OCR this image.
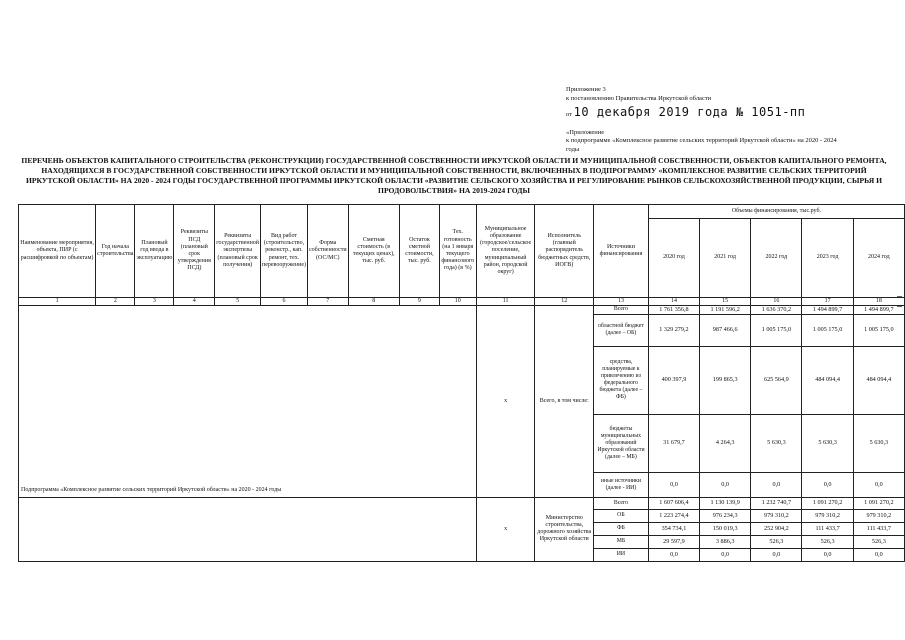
Приложение 3
к постановлению Правительства Иркутской области
от 10 декабря 2019 года № 1051-пп
«Приложение
к подпрограмме «Комплексное развитие сельских территорий Иркутской области» на 2020 - 2024
годы
ПЕРЕЧЕНЬ ОБЪЕКТОВ КАПИТАЛЬНОГО СТРОИТЕЛЬСТВА (РЕКОНСТРУКЦИИ) ГОСУДАРСТВЕННОЙ СОБСТВЕННОСТИ ИРКУТСКОЙ ОБЛАСТИ И МУНИЦИПАЛЬНОЙ СОБСТВЕННОСТИ, ОБЪЕКТОВ КАПИТАЛЬНОГО РЕМОНТА, НАХОДЯЩИХСЯ В ГОСУДАРСТВЕННОЙ СОБСТВЕННОСТИ ИРКУТСКОЙ ОБЛАСТИ И МУНИЦИПАЛЬНОЙ СОБСТВЕННОСТИ, ВКЛЮЧЕННЫХ В ПОДПРОГРАММУ «КОМПЛЕКСНОЕ РАЗВИТИЕ СЕЛЬСКИХ ТЕРРИТОРИЙ ИРКУТСКОЙ ОБЛАСТИ» НА 2020 - 2024 ГОДЫ ГОСУДАРСТВЕННОЙ ПРОГРАММЫ ИРКУТСКОЙ ОБЛАСТИ «РАЗВИТИЕ СЕЛЬСКОГО ХОЗЯЙСТВА И РЕГУЛИРОВАНИЕ РЫНКОВ СЕЛЬСКОХОЗЯЙСТВЕННОЙ ПРОДУКЦИИ, СЫРЬЯ И ПРОДОВОЛЬСТВИЯ» НА 2019-2024 ГОДЫ
Наименование мероприятия, объекта, ПИР (с расшифровкой по объектам)	Год начала строительства	Плановый год ввода в эксплуатацию	Реквизиты ПСД (плановый срок утверждения ПСД)	Реквизиты государственной экспертизы (плановый срок получения)	Вид работ (строительство, реконстр., кап. ремонт, тех. перевооружение)	Форма собственности (ОС/МС)	Сметная стоимость (в текущих ценах), тыс. руб.	Остаток сметной стоимости, тыс. руб.	Тех. готовность (на 1 января текущего финансового года) (в %)	Муниципальное образование (городское/сельское поселение, муниципальный район, городской округ)	Исполнитель (главный распорядитель бюджетных средств, ИОГВ)	Источники финансирования	Объемы финансирования, тыс.руб.				
													2020 год	2021 год	2022 год	2023 год	2024 год
1	2	3	4	5	6	7	8	9	10	11	12	13	14	15	16	17	18
Подпрограмма «Комплексное развитие сельских территорий Иркутской области» на 2020 - 2024 годы										х	Всего, в том числе:	Всего	1 761 356,8	1 191 596,2	1 636 370,2	1 494 899,7	1 494 899,7
												областной бюджет (далее – ОБ)	1 329 279,2	987 466,6	1 005 175,0	1 005 175,0	1 005 175,0
												средства, планируемые к привлечению из федерального бюджета (далее – ФБ)	400 397,9	199 865,3	625 564,9	484 094,4	484 094,4
												бюджеты муниципальных образований Иркутской области (далее – МБ)	31 679,7	4 264,3	5 630,3	5 630,3	5 630,3
												иные источники (далее - ИИ)	0,0	0,0	0,0	0,0	0,0
										х	Министерство строительства, дорожного хозяйства Иркутской области	Всего	1 607 606,4	1 130 139,9	1 232 740,7	1 091 270,2	1 091 270,2
												ОБ	1 223 274,4	976 234,3	979 310,2	979 310,2	979 310,2
												ФБ	354 734,1	150 019,3	252 904,2	111 433,7	111 433,7
												МБ	29 597,9	3 886,3	526,3	526,3	526,3
												ИИ	0,0	0,0	0,0	0,0	0,0
